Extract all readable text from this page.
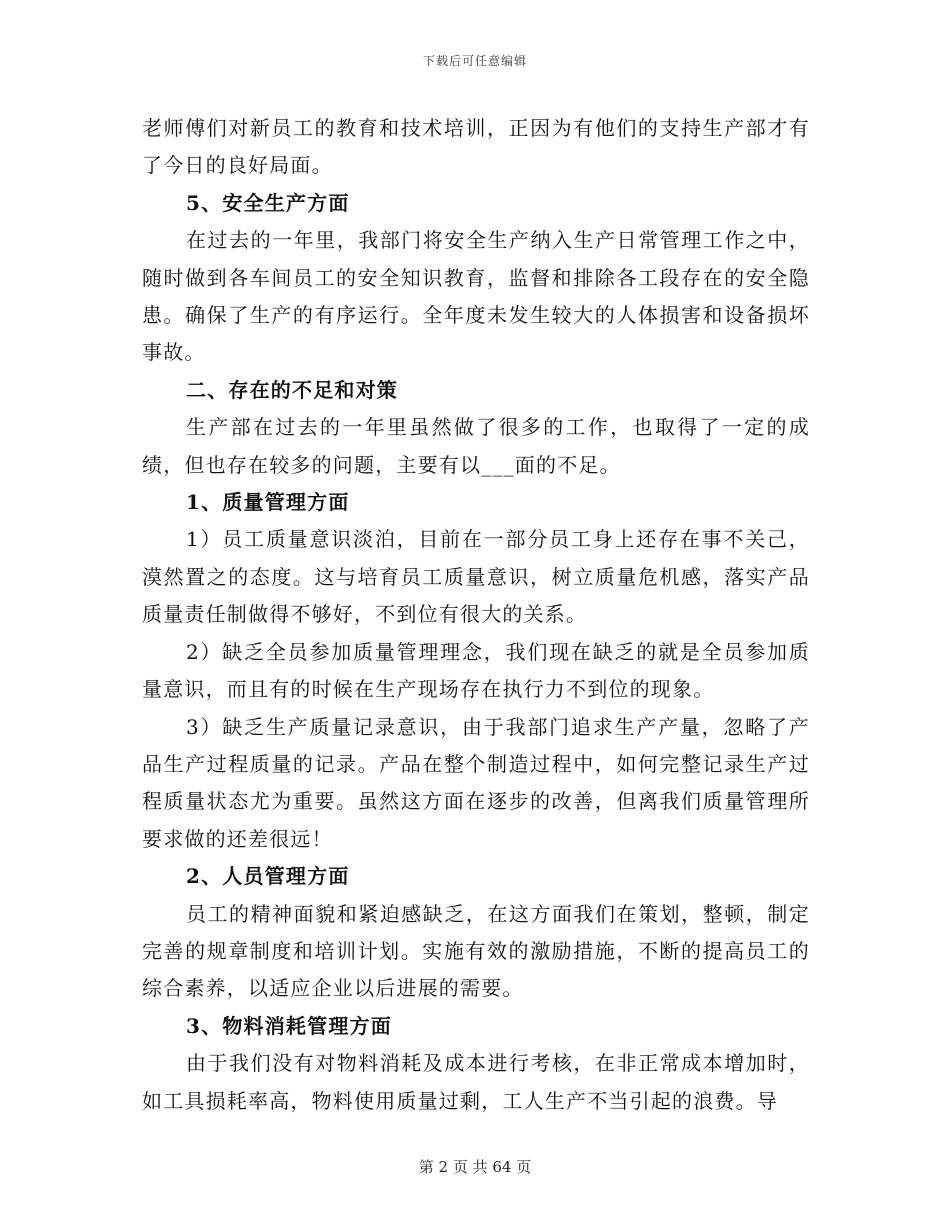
下载后可任意编辑

老师傅们对新员工的教育和技术培训，正因为有他们的支持生产部才有了今日的良好局面。

5、安全生产方面

在过去的一年里，我部门将安全生产纳入生产日常管理工作之中，随时做到各车间员工的安全知识教育，监督和排除各工段存在的安全隐患。确保了生产的有序运行。全年度未发生较大的人体损害和设备损坏事故。

二、存在的不足和对策

生产部在过去的一年里虽然做了很多的工作，也取得了一定的成绩，但也存在较多的问题，主要有以___面的不足。

1、质量管理方面

1）员工质量意识淡泊，目前在一部分员工身上还存在事不关己，漠然置之的态度。这与培育员工质量意识，树立质量危机感，落实产品质量责任制做得不够好，不到位有很大的关系。

2）缺乏全员参加质量管理理念，我们现在缺乏的就是全员参加质量意识，而且有的时候在生产现场存在执行力不到位的现象。

3）缺乏生产质量记录意识，由于我部门追求生产产量，忽略了产品生产过程质量的记录。产品在整个制造过程中，如何完整记录生产过程质量状态尤为重要。虽然这方面在逐步的改善，但离我们质量管理所要求做的还差很远！

2、人员管理方面

员工的精神面貌和紧迫感缺乏，在这方面我们在策划，整顿，制定完善的规章制度和培训计划。实施有效的激励措施，不断的提高员工的综合素养，以适应企业以后进展的需要。

3、物料消耗管理方面

由于我们没有对物料消耗及成本进行考核，在非正常成本增加时，如工具损耗率高，物料使用质量过剩，工人生产不当引起的浪费。导

第 2 页 共 64 页
